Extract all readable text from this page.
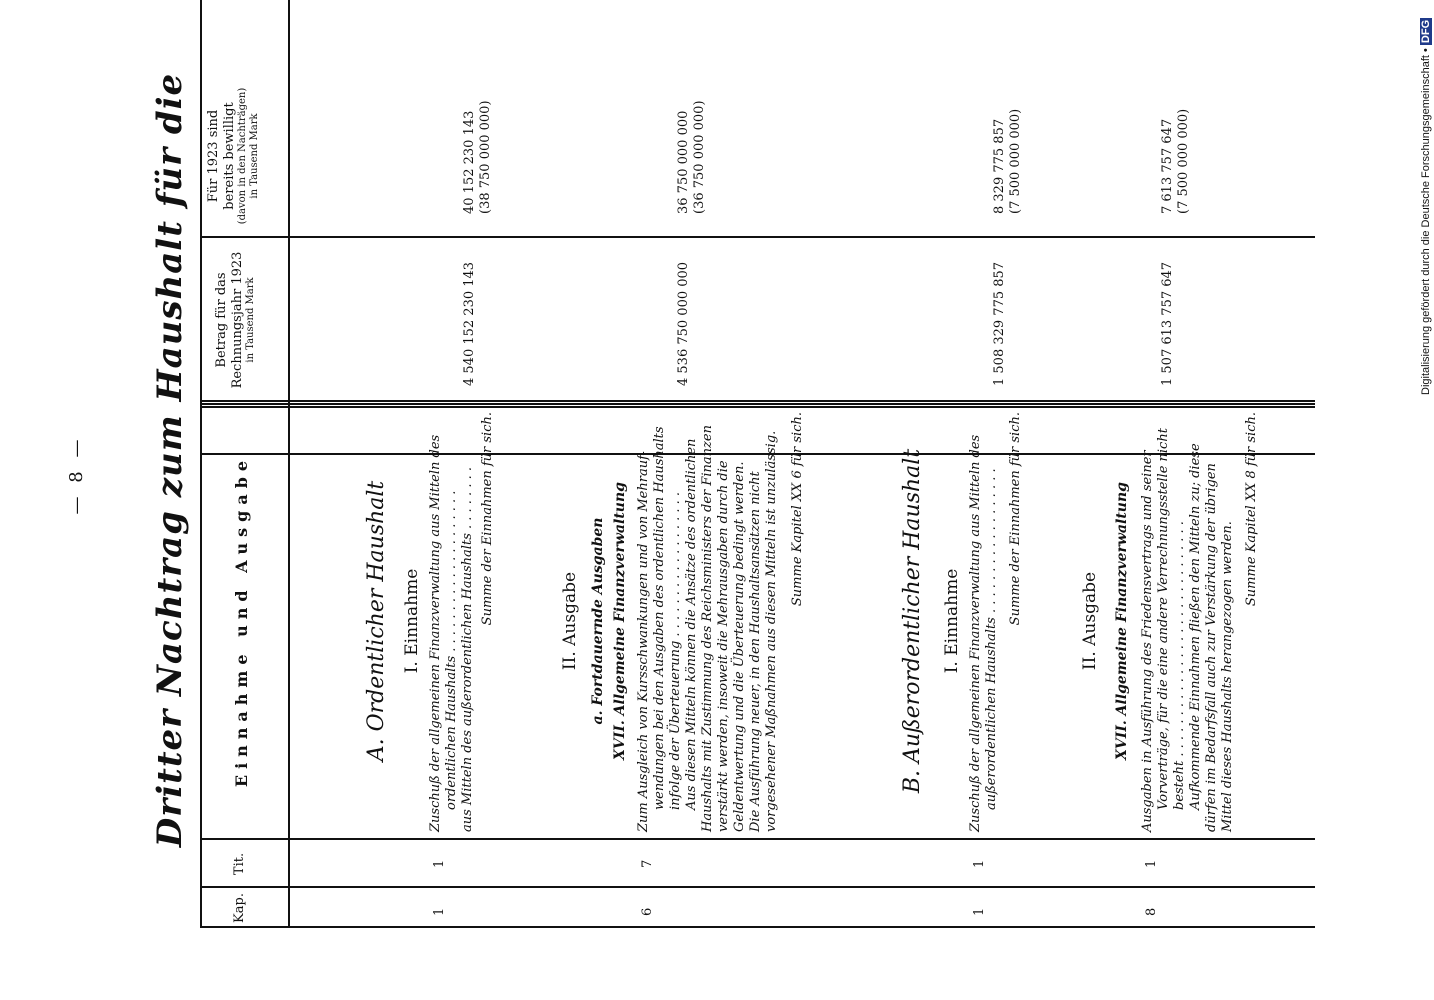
— 8 — Dritter Nachtrag zum Haushalt für die
Kap.
Tit.
Einnahme und Ausgabe
Betrag für das Rechnungsjahr 1923 in Tausend Mark
Für 1923 sind bereits bewilligt (davon in den Nachträgen) in Tausend Mark
A. Ordentlicher Haushalt I. Einnahme
1
1
Zuschuß der allgemeinen Finanzverwaltung aus Mitteln des ordentlichen Haushalts . . . . . . . . . . . . . . . . . . . . aus Mitteln des außerordentlichen Haushalts . . . . . . . . Summe der Einnahmen für sich.
4 540 152 230 143
40 152 230 143 (38 750 000 000)
II. Ausgabe a. Fortdauernde Ausgaben XVII. Allgemeine Finanzverwaltung
6
7
Zum Ausgleich von Kursschwankungen und von Mehrauf- wendungen bei den Ausgaben des ordentlichen Haushalts infolge der Überteuerung . . . . . . . . . . . . . . . . . . Aus diesen Mitteln können die Ansätze des ordentlichen Haushalts mit Zustimmung des Reichsministers der Finanzen verstärkt werden, insoweit die Mehrausgaben durch die Geldentwertung und die Überteuerung bedingt werden. Die Ausführung neuer, in den Haushaltsansätzen nicht vorgesehener Maßnahmen aus diesen Mitteln ist unzulässig. Summe Kapitel XX 6 für sich.
4 536 750 000 000
36 750 000 000 (36 750 000 000)
B. Außerordentlicher Haushalt I. Einnahme
1
1
Zuschuß der allgemeinen Finanzverwaltung aus Mitteln des außerordentlichen Haushalts . . . . . . . . . . . . . . . . . . Summe der Einnahmen für sich.
1 508 329 775 857
8 329 775 857 (7 500 000 000)
II. Ausgabe XVII. Allgemeine Finanzverwaltung
8
1
Ausgaben in Ausführung des Friedensvertrags und seiner Vorverträge, für die eine andere Verrechnungsstelle nicht besteht . . . . . . . . . . . . . . . . . . . . . . . . . . . . . Aufkommende Einnahmen fließen den Mitteln zu; diese dürfen im Bedarfsfall auch zur Verstärkung der übrigen Mittel dieses Haushalts herangezogen werden.
Summe Kapitel XX 8 für sich.
1 507 613 757 647
7 613 757 647 (7 500 000 000)	Digitalisierung gefördert durch die Deutsche Forschungsgemeinschaft • DFG
